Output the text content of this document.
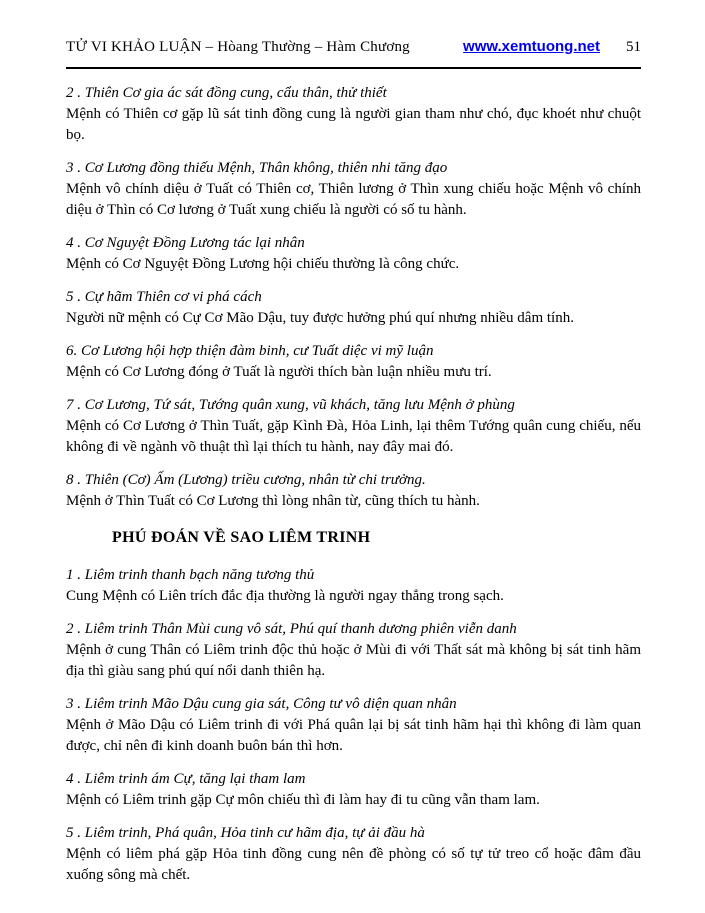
TỬ VI KHẢO LUẬN – Hòang Thường – Hàm Chương	www.xemtuong.net 51

2 . Thiên Cơ gia ác sát đồng cung, cẩu thân, thử thiết

Mệnh có Thiên cơ gặp lũ sát tinh đồng cung là người gian tham như chó, đục khoét như chuột bọ.

3 . Cơ Lương đồng thiếu Mệnh, Thân không, thiên nhi tăng đạo

Mệnh vô chính diệu ở Tuất có Thiên cơ, Thiên lương ở Thìn xung chiếu hoặc Mệnh vô chính diệu ở Thìn có Cơ lương ở Tuất xung chiếu là người có số tu hành.

4 . Cơ Nguyệt Đồng Lương tác lại nhân

Mệnh có Cơ Nguyệt Đồng Lương hội chiếu thường là công chức.

5 . Cự hãm Thiên cơ vi phá cách

Người nữ mệnh có Cự Cơ Mão Dậu, tuy được hưởng phú quí nhưng nhiều dâm tính.

6. Cơ Lương hội hợp thiện đàm binh, cư Tuất diệc vi mỹ luận

Mệnh có Cơ Lương đóng ở Tuất là người thích bàn luận nhiều mưu trí.

7 . Cơ Lương, Tứ sát, Tướng quân xung, vũ khách, tăng lưu Mệnh ở phùng

Mệnh có Cơ Lương ở Thìn Tuất, gặp Kình Đà, Hỏa Linh, lại thêm Tướng quân cung chiếu, nếu không đi về ngành võ thuật thì lại thích tu hành, nay đây mai đó.

8 . Thiên (Cơ) Ấm (Lương) triều cương, nhân từ chi trưởng.

Mệnh ở Thìn Tuất có Cơ Lương thì lòng nhân từ, cũng thích tu hành.

PHÚ ĐOÁN VỀ SAO LIÊM TRINH

1 . Liêm trinh thanh bạch năng tương thủ

Cung Mệnh có Liên trích đắc địa thường là người ngay thẳng trong sạch.

2 . Liêm trinh Thân Mùi cung vô sát, Phú quí thanh dương phiên viễn danh

Mệnh ở cung Thân có Liêm trinh độc thủ hoặc ở Mùi đi với Thất sát mà không bị sát tinh hãm địa thì giàu sang phú quí nổi danh thiên hạ.

3 . Liêm trinh Mão Dậu cung gia sát, Công tư vô diện quan nhân

Mệnh ở Mão Dậu có Liêm trinh đi với Phá quân lại bị sát tinh hãm hại thì không đi làm quan được, chỉ nên đi kinh doanh buôn bán thì hơn.

4 . Liêm trinh ám Cự, tăng lại tham lam

Mệnh có Liêm trinh gặp Cự môn chiếu thì đi làm hay đi tu cũng vẫn tham lam.

5 . Liêm trinh, Phá quân, Hỏa tinh cư hãm địa, tự ải đầu hà

Mệnh có liêm phá gặp Hỏa tinh đồng cung nên đề phòng có số tự tử treo cổ hoặc đâm đầu xuống sông mà chết.
